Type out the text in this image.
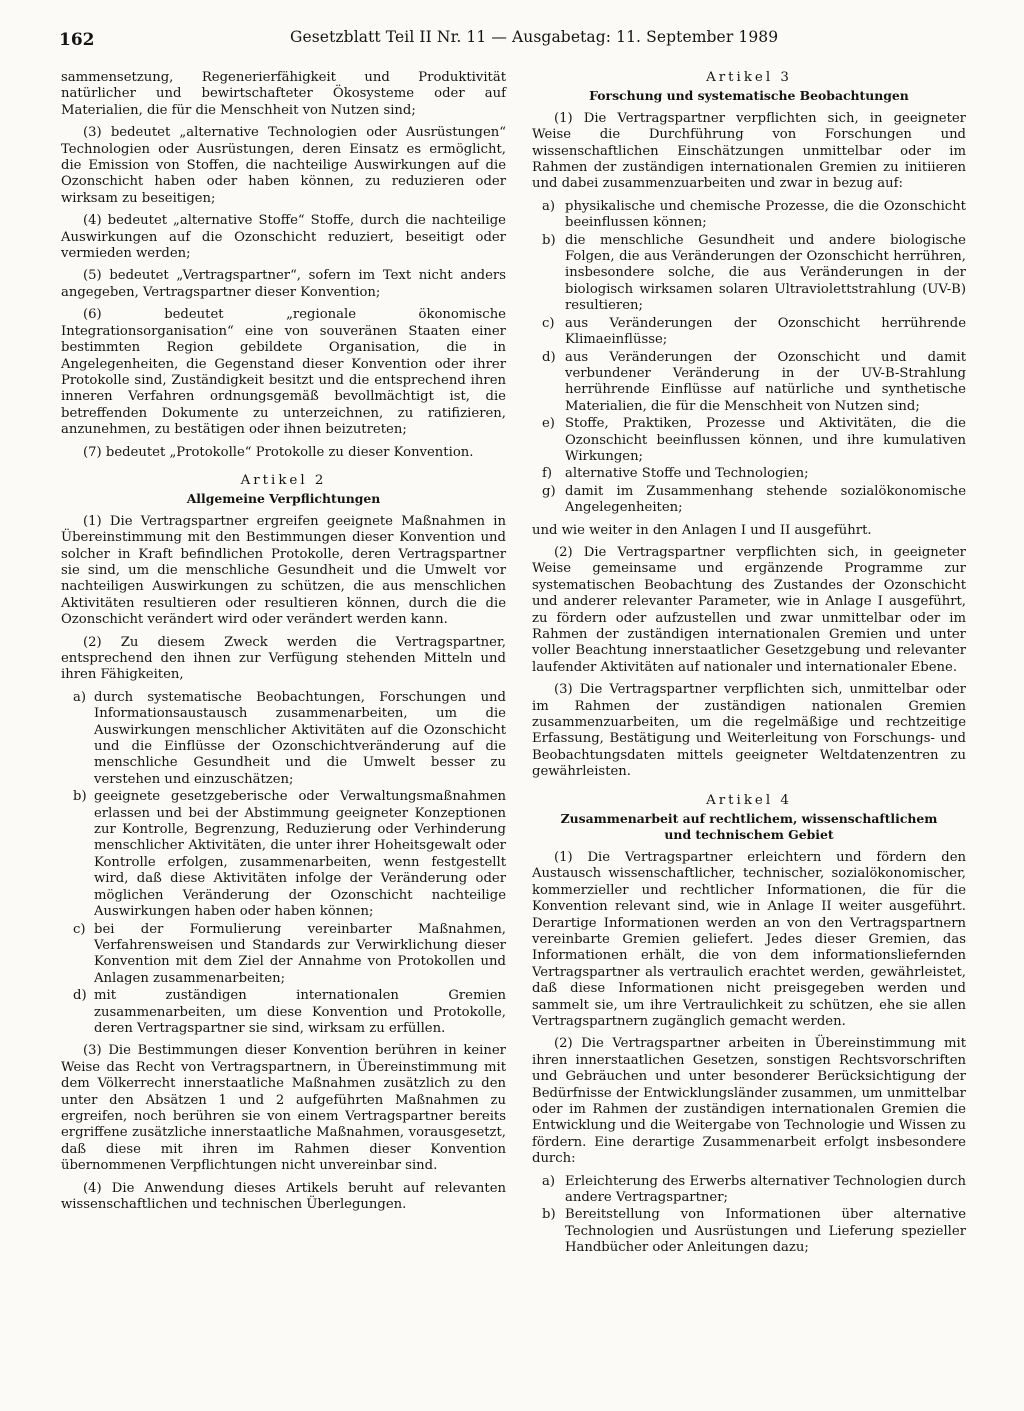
162	Gesetzblatt Teil II Nr. 11 — Ausgabetag: 11. September 1989

sammensetzung, Regenerierfähigkeit und Produktivität natürlicher und bewirtschafteter Ökosysteme oder auf Materialien, die für die Menschheit von Nutzen sind;

(3) bedeutet „alternative Technologien oder Ausrüstungen“ Technologien oder Ausrüstungen, deren Einsatz es ermöglicht, die Emission von Stoffen, die nachteilige Auswirkungen auf die Ozonschicht haben oder haben können, zu reduzieren oder wirksam zu beseitigen;

(4) bedeutet „alternative Stoffe“ Stoffe, durch die nachteilige Auswirkungen auf die Ozonschicht reduziert, beseitigt oder vermieden werden;

(5) bedeutet „Vertragspartner“, sofern im Text nicht anders angegeben, Vertragspartner dieser Konvention;

(6) bedeutet „regionale ökonomische Integrationsorganisation“ eine von souveränen Staaten einer bestimmten Region gebildete Organisation, die in Angelegenheiten, die Gegenstand dieser Konvention oder ihrer Protokolle sind, Zuständigkeit besitzt und die entsprechend ihren inneren Verfahren ordnungsgemäß bevollmächtigt ist, die betreffenden Dokumente zu unterzeichnen, zu ratifizieren, anzunehmen, zu bestätigen oder ihnen beizutreten;

(7) bedeutet „Protokolle“ Protokolle zu dieser Konvention.

Artikel 2
Allgemeine Verpflichtungen

(1) Die Vertragspartner ergreifen geeignete Maßnahmen in Übereinstimmung mit den Bestimmungen dieser Konvention und solcher in Kraft befindlichen Protokolle, deren Vertragspartner sie sind, um die menschliche Gesundheit und die Umwelt vor nachteiligen Auswirkungen zu schützen, die aus menschlichen Aktivitäten resultieren oder resultieren können, durch die die Ozonschicht verändert wird oder verändert werden kann.

(2) Zu diesem Zweck werden die Vertragspartner, entsprechend den ihnen zur Verfügung stehenden Mitteln und ihren Fähigkeiten,

a) durch systematische Beobachtungen, Forschungen und Informationsaustausch zusammenarbeiten, um die Auswirkungen menschlicher Aktivitäten auf die Ozonschicht und die Einflüsse der Ozonschichtveränderung auf die menschliche Gesundheit und die Umwelt besser zu verstehen und einzuschätzen;
b) geeignete gesetzgeberische oder Verwaltungsmaßnahmen erlassen und bei der Abstimmung geeigneter Konzeptionen zur Kontrolle, Begrenzung, Reduzierung oder Verhinderung menschlicher Aktivitäten, die unter ihrer Hoheitsgewalt oder Kontrolle erfolgen, zusammenarbeiten, wenn festgestellt wird, daß diese Aktivitäten infolge der Veränderung oder möglichen Veränderung der Ozonschicht nachteilige Auswirkungen haben oder haben können;
c) bei der Formulierung vereinbarter Maßnahmen, Verfahrensweisen und Standards zur Verwirklichung dieser Konvention mit dem Ziel der Annahme von Protokollen und Anlagen zusammenarbeiten;
d) mit zuständigen internationalen Gremien zusammenarbeiten, um diese Konvention und Protokolle, deren Vertragspartner sie sind, wirksam zu erfüllen.

(3) Die Bestimmungen dieser Konvention berühren in keiner Weise das Recht von Vertragspartnern, in Übereinstimmung mit dem Völkerrecht innerstaatliche Maßnahmen zusätzlich zu den unter den Absätzen 1 und 2 aufgeführten Maßnahmen zu ergreifen, noch berühren sie von einem Vertragspartner bereits ergriffene zusätzliche innerstaatliche Maßnahmen, vorausgesetzt, daß diese mit ihren im Rahmen dieser Konvention übernommenen Verpflichtungen nicht unvereinbar sind.

(4) Die Anwendung dieses Artikels beruht auf relevanten wissenschaftlichen und technischen Überlegungen.

Artikel 3
Forschung und systematische Beobachtungen

(1) Die Vertragspartner verpflichten sich, in geeigneter Weise die Durchführung von Forschungen und wissenschaftlichen Einschätzungen unmittelbar oder im Rahmen der zuständigen internationalen Gremien zu initiieren und dabei zusammenzuarbeiten und zwar in bezug auf:

a) physikalische und chemische Prozesse, die die Ozonschicht beeinflussen können;
b) die menschliche Gesundheit und andere biologische Folgen, die aus Veränderungen der Ozonschicht herrühren, insbesondere solche, die aus Veränderungen in der biologisch wirksamen solaren Ultraviolettstrahlung (UV-B) resultieren;
c) aus Veränderungen der Ozonschicht herrührende Klimaeinflüsse;
d) aus Veränderungen der Ozonschicht und damit verbundener Veränderung in der UV-B-Strahlung herrührende Einflüsse auf natürliche und synthetische Materialien, die für die Menschheit von Nutzen sind;
e) Stoffe, Praktiken, Prozesse und Aktivitäten, die die Ozonschicht beeinflussen können, und ihre kumulativen Wirkungen;
f) alternative Stoffe und Technologien;
g) damit im Zusammenhang stehende sozialökonomische Angelegenheiten;

und wie weiter in den Anlagen I und II ausgeführt.

(2) Die Vertragspartner verpflichten sich, in geeigneter Weise gemeinsame und ergänzende Programme zur systematischen Beobachtung des Zustandes der Ozonschicht und anderer relevanter Parameter, wie in Anlage I ausgeführt, zu fördern oder aufzustellen und zwar unmittelbar oder im Rahmen der zuständigen internationalen Gremien und unter voller Beachtung innerstaatlicher Gesetzgebung und relevanter laufender Aktivitäten auf nationaler und internationaler Ebene.

(3) Die Vertragspartner verpflichten sich, unmittelbar oder im Rahmen der zuständigen nationalen Gremien zusammenzuarbeiten, um die regelmäßige und rechtzeitige Erfassung, Bestätigung und Weiterleitung von Forschungs- und Beobachtungsdaten mittels geeigneter Weltdatenzentren zu gewährleisten.

Artikel 4
Zusammenarbeit auf rechtlichem, wissenschaftlichem
und technischem Gebiet

(1) Die Vertragspartner erleichtern und fördern den Austausch wissenschaftlicher, technischer, sozialökonomischer, kommerzieller und rechtlicher Informationen, die für die Konvention relevant sind, wie in Anlage II weiter ausgeführt. Derartige Informationen werden an von den Vertragspartnern vereinbarte Gremien geliefert. Jedes dieser Gremien, das Informationen erhält, die von dem informationsliefernden Vertragspartner als vertraulich erachtet werden, gewährleistet, daß diese Informationen nicht preisgegeben werden und sammelt sie, um ihre Vertraulichkeit zu schützen, ehe sie allen Vertragspartnern zugänglich gemacht werden.

(2) Die Vertragspartner arbeiten in Übereinstimmung mit ihren innerstaatlichen Gesetzen, sonstigen Rechtsvorschriften und Gebräuchen und unter besonderer Berücksichtigung der Bedürfnisse der Entwicklungsländer zusammen, um unmittelbar oder im Rahmen der zuständigen internationalen Gremien die Entwicklung und die Weitergabe von Technologie und Wissen zu fördern. Eine derartige Zusammenarbeit erfolgt insbesondere durch:

a) Erleichterung des Erwerbs alternativer Technologien durch andere Vertragspartner;
b) Bereitstellung von Informationen über alternative Technologien und Ausrüstungen und Lieferung spezieller Handbücher oder Anleitungen dazu;
